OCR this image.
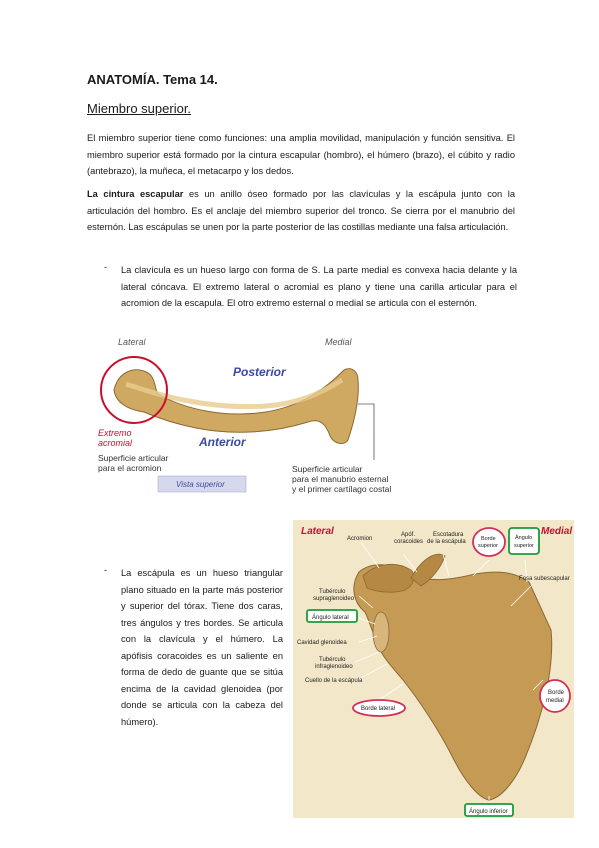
ANATOMÍA. Tema 14.
Miembro superior.
El miembro superior tiene como funciones: una amplia movilidad, manipulación y función sensitiva. El miembro superior está formado por la cintura escapular (hombro), el húmero (brazo), el cúbito y radio (antebrazo), la muñeca, el metacarpo y los dedos.
La cintura escapular es un anillo óseo formado por las clavículas y la escápula junto con la articulación del hombro. Es el anclaje del miembro superior del tronco. Se cierra por el manubrio del esternón. Las escápulas se unen por la parte posterior de las costillas mediante una falsa articulación.
- La clavícula es un hueso largo con forma de S. La parte medial es convexa hacia delante y la lateral cóncava. El extremo lateral o acromial es plano y tiene una carilla articular para el acromion de la escapula. El otro extremo esternal o medial se articula con el esternón.
Lateral	Medial
Posterior
Anterior
Extremo
acromial
Superficie articular
para el acromion
Vista superior
Superficie articular
para el manubrio esternal
y el primer cartílago costal
- La escápula es un hueso triangular plano situado en la parte más posterior y superior del tórax. Tiene dos caras, tres ángulos y tres bordes. Se articula con la clavícula y el húmero. La apófisis coracoides es un saliente en forma de dedo de guante que se sitúa encima de la cavidad glenoidea (por donde se articula con la cabeza del húmero).
Lateral	Medial
Acromion
Apóf.
coracoides
Escotadura
de la escápula	Borde
superior
Ángulo
superior
Fosa subescapular
Tubérculo
supraglenoideo
Ángulo lateral
Cavidad glenoidea
Tubérculo
infraglenoideo
Cuello de la escápula
Borde lateral
Borde
medial
Ángulo inferior
